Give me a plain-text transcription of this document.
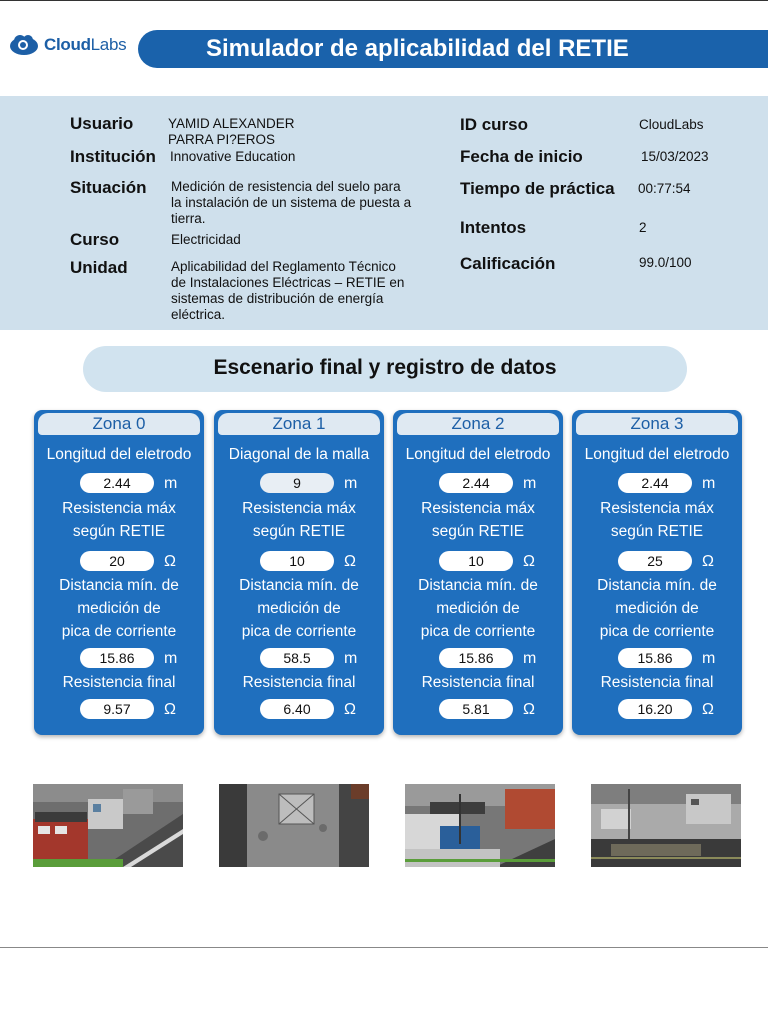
CloudLabs	Simulador de aplicabilidad del RETIE
Usuario	YAMID ALEXANDER
PARRA PI?EROS
Institución Innovative Education
Situación Medición de resistencia del suelo para
la instalación de un sistema de puesta a
tierra.
Curso	Electricidad
Unidad	Aplicabilidad del Reglamento Técnico
de Instalaciones Eléctricas – RETIE en
sistemas de distribución de energía
eléctrica.
ID curso	CloudLabs
Fecha de inicio	15/03/2023
Tiempo de práctica 00:77:54
Intentos	2
Calificación	99.0/100
Escenario final y registro de datos
Zona 0
Longitud del eletrodo
2.44	m
Resistencia máx
según RETIE
20	Ω
Distancia mín. de
medición de
pica de corriente
15.86	m
Resistencia final
9.57	Ω
Zona 1
Diagonal de la malla
9	m
Resistencia máx
según RETIE
10	Ω
Distancia mín. de
medición de
pica de corriente
58.5	m
Resistencia final
6.40	Ω
Zona 2
Longitud del eletrodo
2.44	m
Resistencia máx
según RETIE
10	Ω
Distancia mín. de
medición de
pica de corriente
15.86	m
Resistencia final
5.81	Ω
Zona 3
Longitud del eletrodo
2.44	m
Resistencia máx
según RETIE
25	Ω
Distancia mín. de
medición de
pica de corriente
15.86	m
Resistencia final
16.20	Ω
